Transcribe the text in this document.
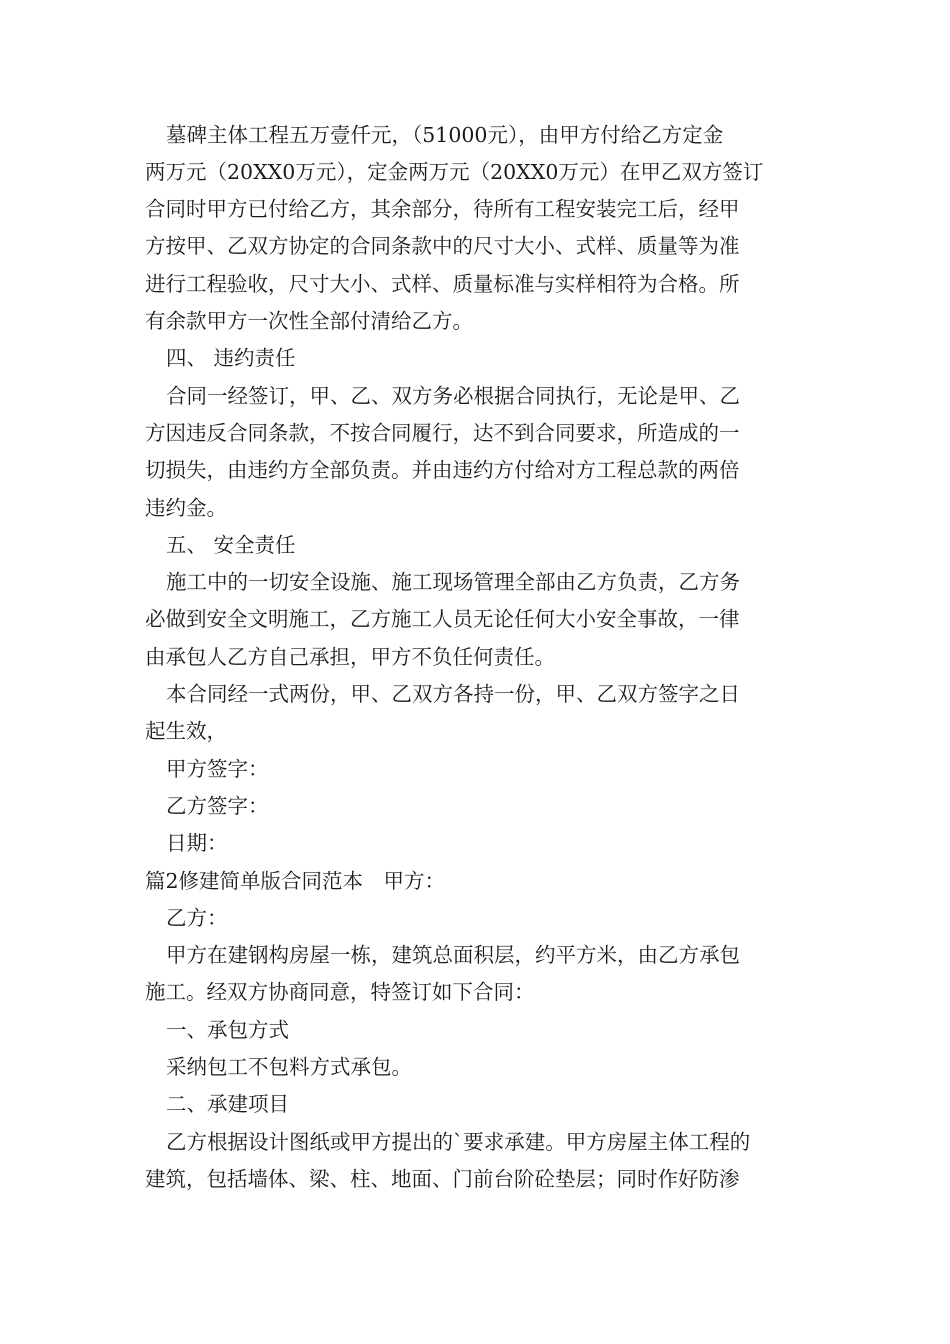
墓碑主体工程五万壹仟元，（51000元），由甲方付给乙方定金
两万元（20XX0万元），定金两万元（20XX0万元）在甲乙双方签订
合同时甲方已付给乙方，其余部分，待所有工程安装完工后，经甲
方按甲、乙双方协定的合同条款中的尺寸大小、式样、质量等为准
进行工程验收，尺寸大小、式样、质量标准与实样相符为合格。所
有余款甲方一次性全部付清给乙方。
四、 违约责任
合同一经签订，甲、乙、双方务必根据合同执行，无论是甲、乙
方因违反合同条款，不按合同履行，达不到合同要求，所造成的一
切损失，由违约方全部负责。并由违约方付给对方工程总款的两倍
违约金。
五、 安全责任
施工中的一切安全设施、施工现场管理全部由乙方负责，乙方务
必做到安全文明施工，乙方施工人员无论任何大小安全事故，一律
由承包人乙方自己承担，甲方不负任何责任。
本合同经一式两份，甲、乙双方各持一份，甲、乙双方签字之日
起生效，
甲方签字：
乙方签字：
日期：
篇2修建简单版合同范本　甲方：
乙方：
甲方在建钢构房屋一栋，建筑总面积层，约平方米，由乙方承包
施工。经双方协商同意，特签订如下合同：
一、承包方式
采纳包工不包料方式承包。
二、承建项目
乙方根据设计图纸或甲方提出的`要求承建。甲方房屋主体工程的
建筑，包括墙体、梁、柱、地面、门前台阶砼垫层；同时作好防渗
